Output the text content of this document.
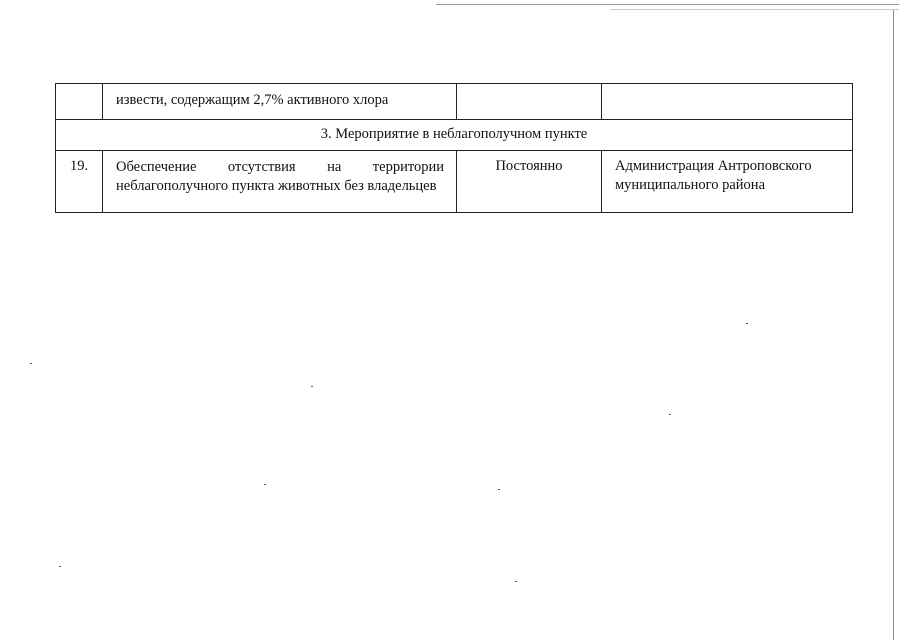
	извести, содержащим 2,7% активного хлора		

3. Мероприятие в неблагополучном пункте			

19.	Обеспечение отсутствия на территории
неблагополучного пункта животных без владельцев	Постоянно	Администрация Антроповского
муниципального района
